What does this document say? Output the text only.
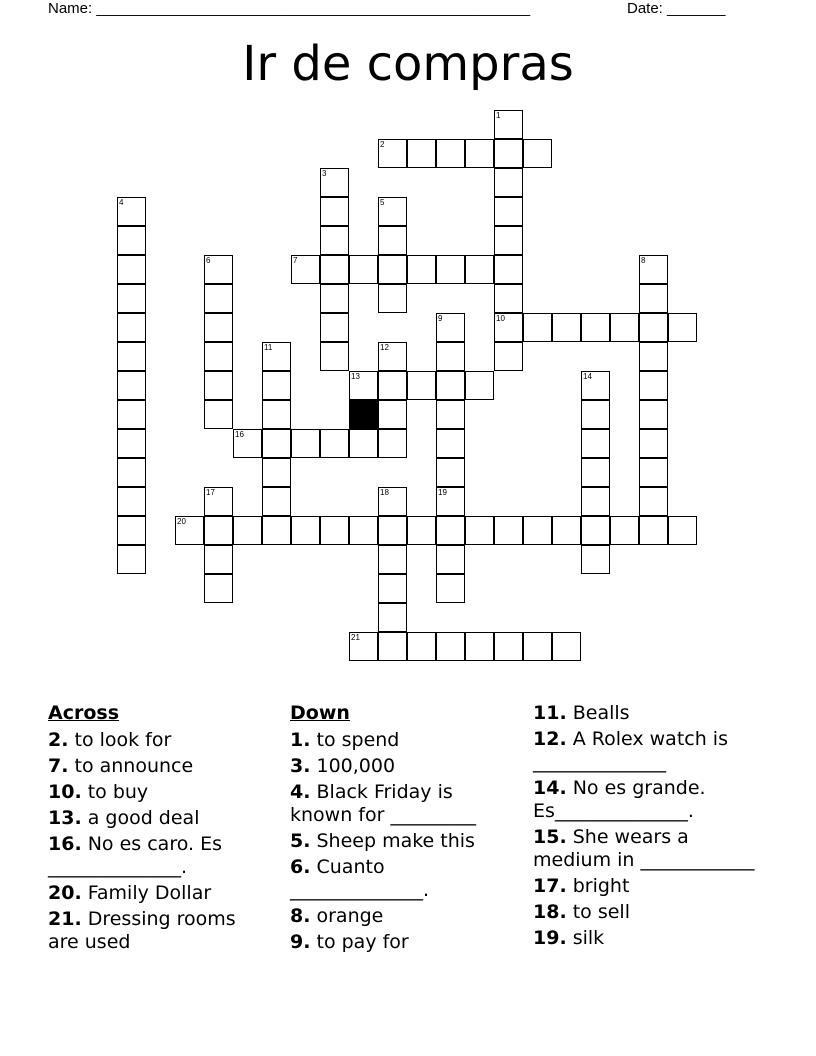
Name: ____________________________________________________	Date: _______
Ir de compras
1
10
2
3
4	5
6	7	8
9
11	12
13	14
16
17	18	19
20
21
Across
2. to look for
7. to announce
10. to buy
13. a good deal
16. No es caro. Es ______________.
20. Family Dollar
21. Dressing rooms are used
Down
1. to spend
3. 100,000
4. Black Friday is known for _________
5. Sheep make this
6. Cuanto ______________.
8. orange
9. to pay for
11. Bealls
12. A Rolex watch is ______________
14. No es grande. Es______________.
15. She wears a medium in ____________
17. bright
18. to sell
19. silk
